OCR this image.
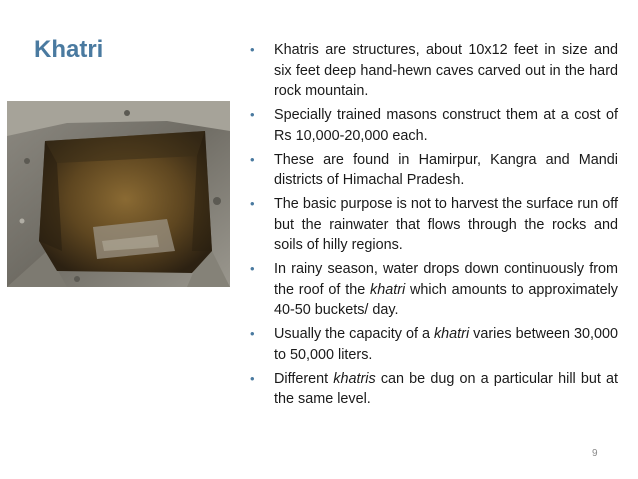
Khatri	• Khatris are structures, about 10x12 feet in size and six feet deep hand-hewn caves carved out in the hard rock mountain.
• Specially trained masons construct them at a cost of Rs 10,000-20,000 each.
• These are found in Hamirpur, Kangra and Mandi districts of Himachal Pradesh.
• The basic purpose is not to harvest the surface run off but the rainwater that flows through the rocks and soils of hilly regions.
• In rainy season, water drops down continuously from the roof of the khatri which amounts to approximately 40-50 buckets/ day.
• Usually the capacity of a khatri varies between 30,000 to 50,000 liters.
• Different khatris can be dug on a particular hill but at the same level.
9
